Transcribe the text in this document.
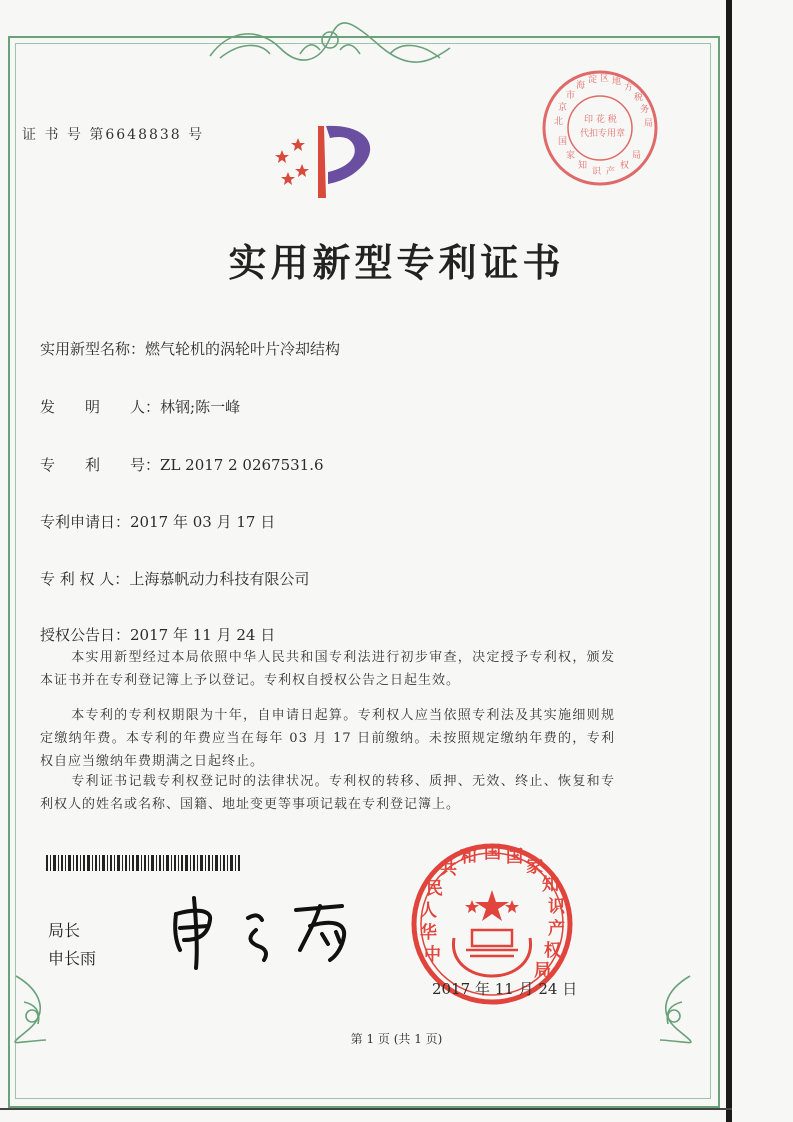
证 书 号 第6648838 号
实用新型专利证书
实用新型名称：燃气轮机的涡轮叶片冷却结构
发　　明　　人：林钢;陈一峰
专　　利　　号：ZL 2017 2 0267531.6
专利申请日：2017 年 03 月 17 日
专 利 权 人：上海慕帆动力科技有限公司
授权公告日：2017 年 11 月 24 日

本实用新型经过本局依照中华人民共和国专利法进行初步审查，决定授予专利权，颁发本证书并在专利登记簿上予以登记。专利权自授权公告之日起生效。

本专利的专利权期限为十年，自申请日起算。专利权人应当依照专利法及其实施细则规定缴纳年费。本专利的年费应当在每年 03 月 17 日前缴纳。未按照规定缴纳年费的，专利权自应当缴纳年费期满之日起终止。

专利证书记载专利权登记时的法律状况。专利权的转移、质押、无效、终止、恢复和专利权人的姓名或名称、国籍、地址变更等事项记载在专利登记簿上。

局长
申长雨	中
华
人
民
共
和 国 国 家
知
识
产
权
局
印 花 税
代扣专用章
北
京
市
海
淀 区 地
方
税
务
局
国
家
知
识 产
权
局
2017 年 11 月 24 日
第 1 页 (共 1 页)
